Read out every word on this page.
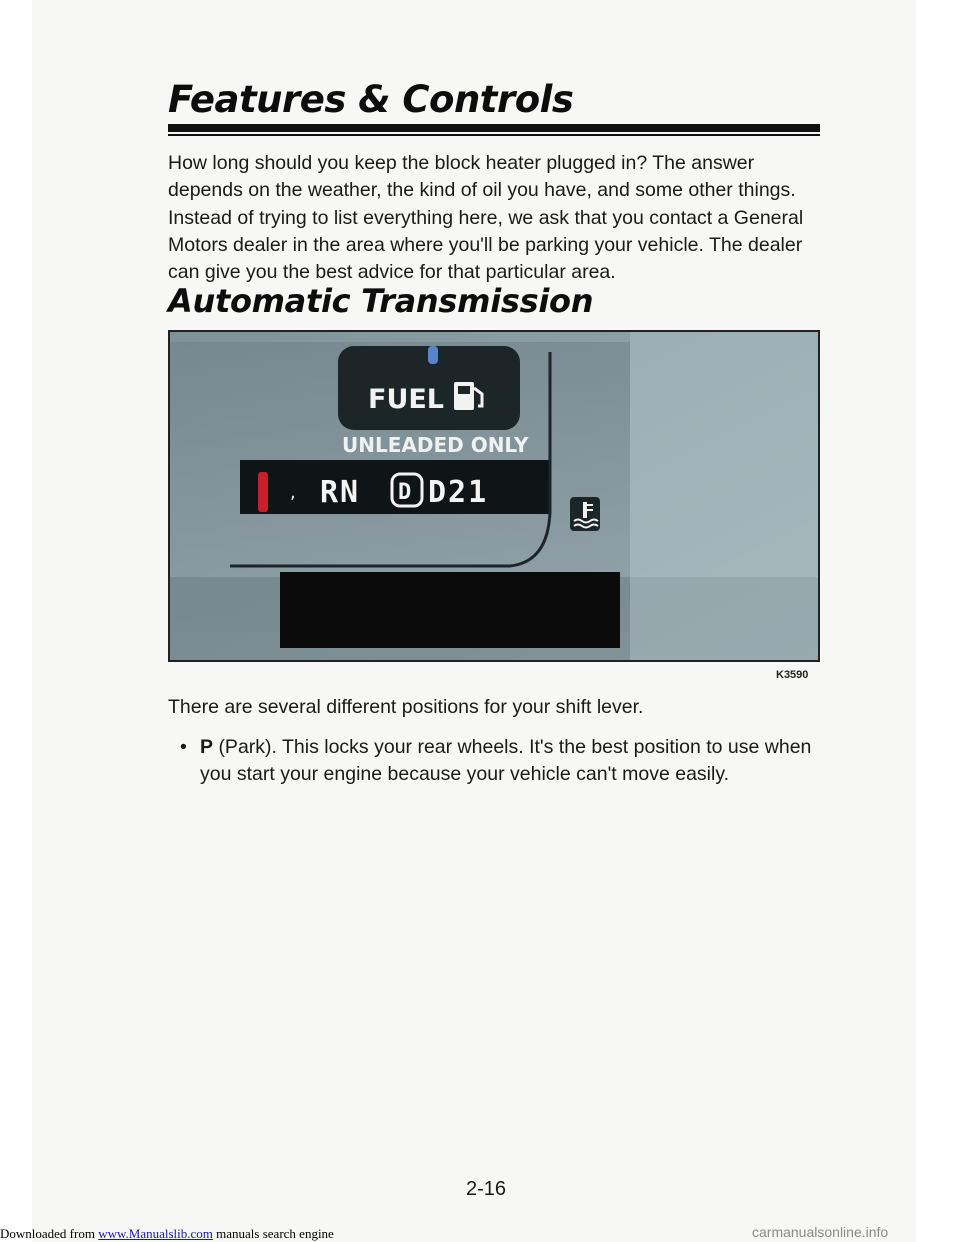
Features & Controls
How long should you keep the block heater plugged in? The answer depends on the weather, the kind of oil you have, and some other things. Instead of trying to list everything here, we ask that you contact a General Motors dealer in the area where you'll be parking your vehicle. The dealer can give you the best advice for that particular area.
Automatic Transmission
FUEL
UNLEADED ONLY
, RN D D21
K3590
There are several different positions for your shift lever.
• P (Park). This locks your rear wheels. It's the best position to use when you start your engine because your vehicle can't move easily.
2-16
Downloaded from www.Manualslib.com manuals search engine	carmanualsonline.info
